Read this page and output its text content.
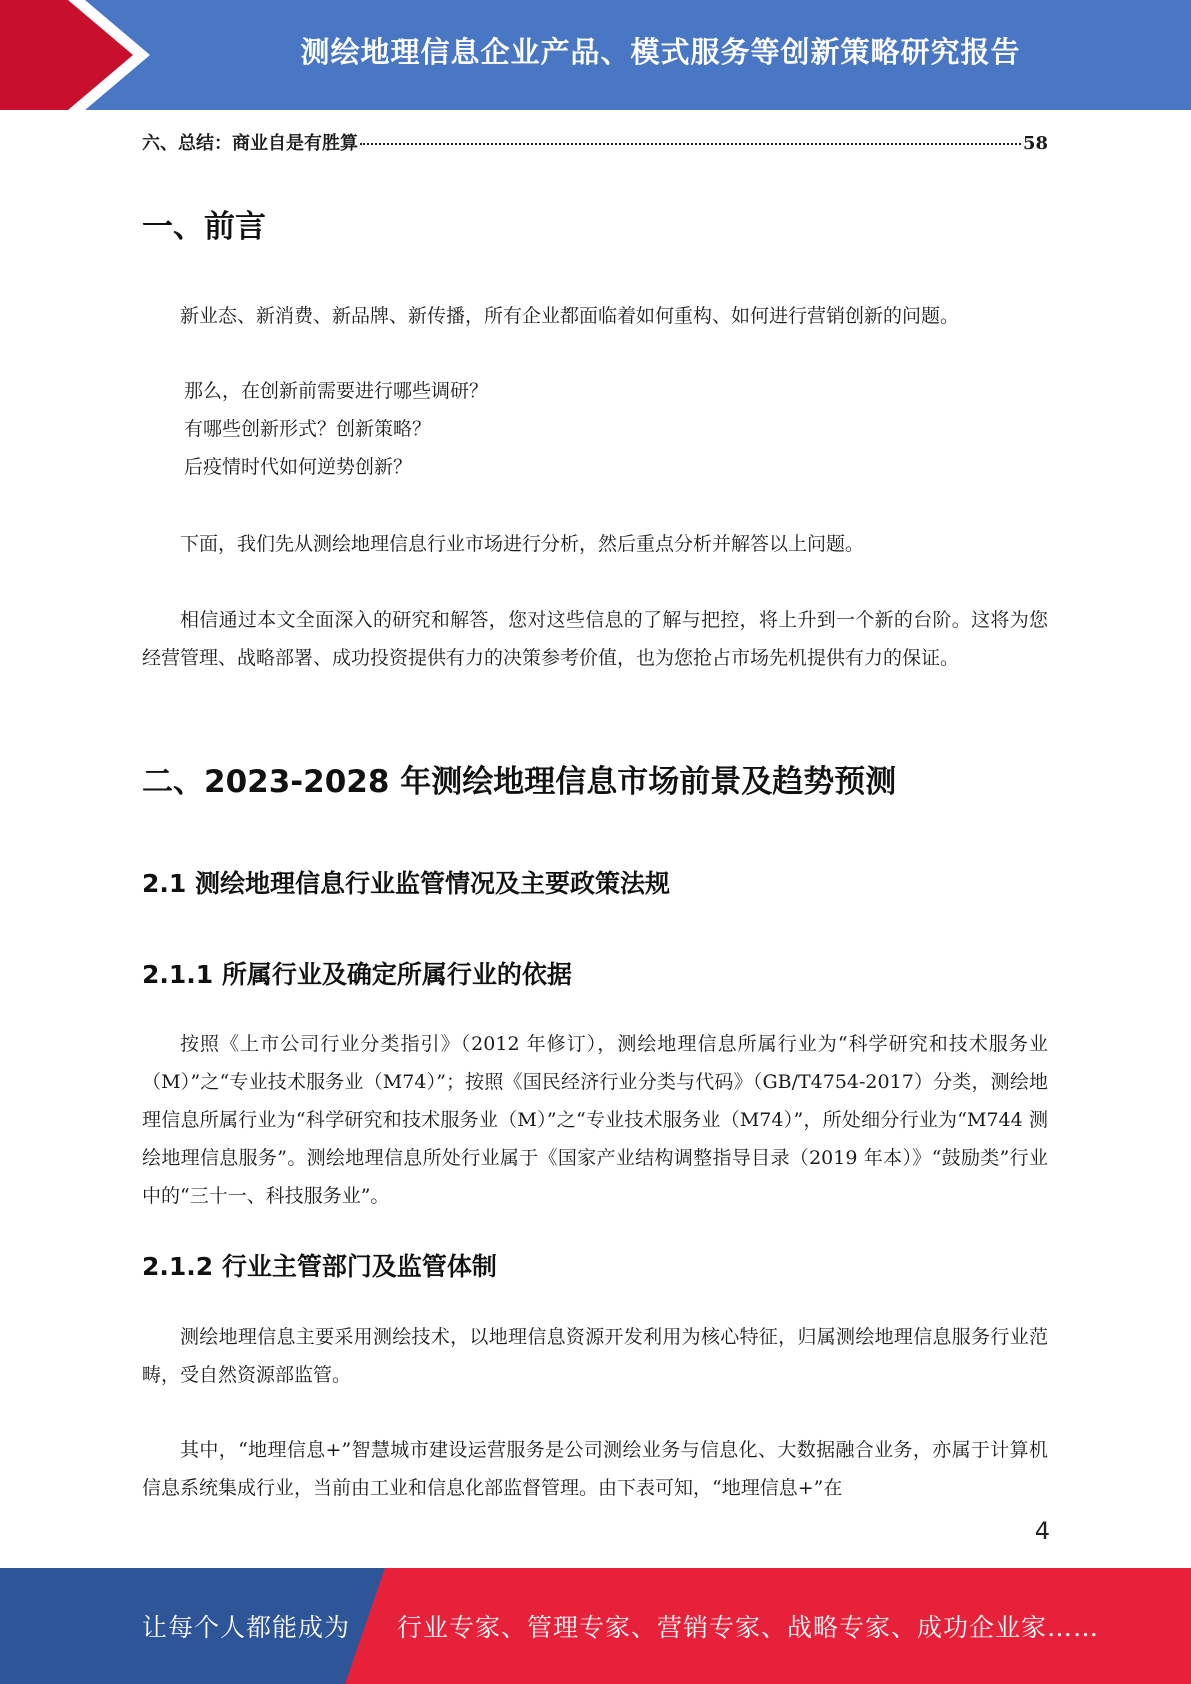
测绘地理信息企业产品、模式服务等创新策略研究报告
六、总结：商业自是有胜算	58
一、前言

新业态、新消费、新品牌、新传播，所有企业都面临着如何重构、如何进行营销创新的问题。

那么，在创新前需要进行哪些调研？

有哪些创新形式？创新策略？

后疫情时代如何逆势创新？

下面，我们先从测绘地理信息行业市场进行分析，然后重点分析并解答以上问题。

相信通过本文全面深入的研究和解答，您对这些信息的了解与把控，将上升到一个新的台阶。这将为您经营管理、战略部署、成功投资提供有力的决策参考价值，也为您抢占市场先机提供有力的保证。

二、2023-2028 年测绘地理信息市场前景及趋势预测
2.1 测绘地理信息行业监管情况及主要政策法规
2.1.1 所属行业及确定所属行业的依据

按照《上市公司行业分类指引》（2012 年修订），测绘地理信息所属行业为“科学研究和技术服务业（M）”之“专业技术服务业（M74）”；按照《国民经济行业分类与代码》（GB/T4754-2017）分类，测绘地理信息所属行业为“科学研究和技术服务业（M）”之“专业技术服务业（M74）”，所处细分行业为“M744 测绘地理信息服务”。测绘地理信息所处行业属于《国家产业结构调整指导目录（2019 年本）》“鼓励类”行业中的“三十一、科技服务业”。

2.1.2 行业主管部门及监管体制

测绘地理信息主要采用测绘技术，以地理信息资源开发利用为核心特征，归属测绘地理信息服务行业范畴，受自然资源部监管。

其中，“地理信息+”智慧城市建设运营服务是公司测绘业务与信息化、大数据融合业务，亦属于计算机信息系统集成行业，当前由工业和信息化部监督管理。由下表可知，“地理信息+”在

4
让每个人都能成为 行业专家、管理专家、营销专家、战略专家、成功企业家……
